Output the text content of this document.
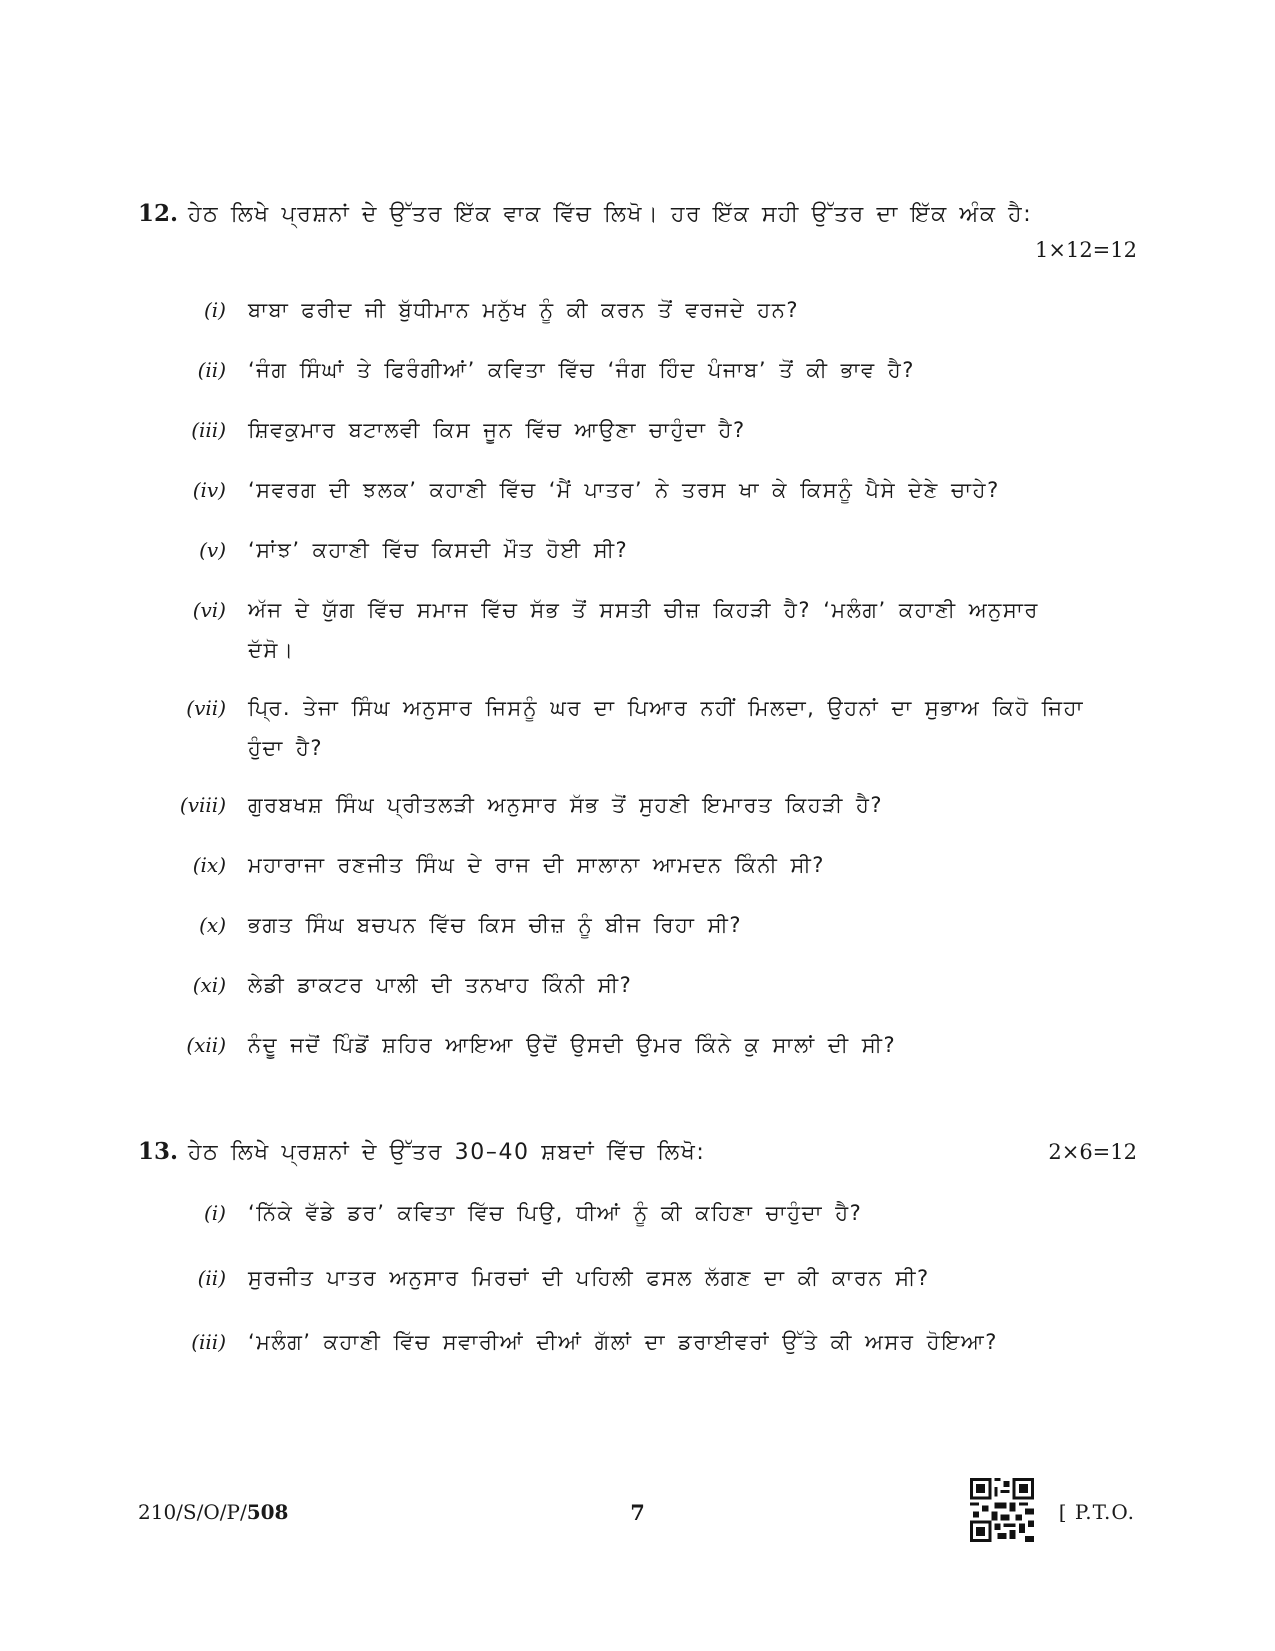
12. ਹੇਠ ਲਿਖੇ ਪ੍ਰਸ਼ਨਾਂ ਦੇ ਉੱਤਰ ਇੱਕ ਵਾਕ ਵਿੱਚ ਲਿਖੋ। ਹਰ ਇੱਕ ਸਹੀ ਉੱਤਰ ਦਾ ਇੱਕ ਅੰਕ ਹੈ:
1×12=12
(i)	ਬਾਬਾ ਫਰੀਦ ਜੀ ਬੁੱਧੀਮਾਨ ਮਨੁੱਖ ਨੂੰ ਕੀ ਕਰਨ ਤੋਂ ਵਰਜਦੇ ਹਨ?
(ii)	‘ਜੰਗ ਸਿੰਘਾਂ ਤੇ ਫਿਰੰਗੀਆਂ’ ਕਵਿਤਾ ਵਿੱਚ ‘ਜੰਗ ਹਿੰਦ ਪੰਜਾਬ’ ਤੋਂ ਕੀ ਭਾਵ ਹੈ?
(iii)	ਸ਼ਿਵਕੁਮਾਰ ਬਟਾਲਵੀ ਕਿਸ ਜੂਨ ਵਿੱਚ ਆਉਣਾ ਚਾਹੁੰਦਾ ਹੈ?
(iv)	‘ਸਵਰਗ ਦੀ ਝਲਕ’ ਕਹਾਣੀ ਵਿੱਚ ‘ਮੈਂ ਪਾਤਰ’ ਨੇ ਤਰਸ ਖਾ ਕੇ ਕਿਸਨੂੰ ਪੈਸੇ ਦੇਣੇ ਚਾਹੇ?
(v)	‘ਸਾਂਝ’ ਕਹਾਣੀ ਵਿੱਚ ਕਿਸਦੀ ਮੌਤ ਹੋਈ ਸੀ?
(vi)	ਅੱਜ ਦੇ ਯੁੱਗ ਵਿੱਚ ਸਮਾਜ ਵਿੱਚ ਸੱਭ ਤੋਂ ਸਸਤੀ ਚੀਜ਼ ਕਿਹੜੀ ਹੈ? ‘ਮਲੰਗ’ ਕਹਾਣੀ ਅਨੁਸਾਰ ਦੱਸੋ।
(vii)	ਪ੍ਰਿ. ਤੇਜਾ ਸਿੰਘ ਅਨੁਸਾਰ ਜਿਸਨੂੰ ਘਰ ਦਾ ਪਿਆਰ ਨਹੀਂ ਮਿਲਦਾ, ਉਹਨਾਂ ਦਾ ਸੁਭਾਅ ਕਿਹੋ ਜਿਹਾ ਹੁੰਦਾ ਹੈ?
(viii)	ਗੁਰਬਖਸ਼ ਸਿੰਘ ਪ੍ਰੀਤਲੜੀ ਅਨੁਸਾਰ ਸੱਭ ਤੋਂ ਸੁਹਣੀ ਇਮਾਰਤ ਕਿਹੜੀ ਹੈ?
(ix)	ਮਹਾਰਾਜਾ ਰਣਜੀਤ ਸਿੰਘ ਦੇ ਰਾਜ ਦੀ ਸਾਲਾਨਾ ਆਮਦਨ ਕਿੰਨੀ ਸੀ?
(x)	ਭਗਤ ਸਿੰਘ ਬਚਪਨ ਵਿੱਚ ਕਿਸ ਚੀਜ਼ ਨੂੰ ਬੀਜ ਰਿਹਾ ਸੀ?
(xi)	ਲੇਡੀ ਡਾਕਟਰ ਪਾਲੀ ਦੀ ਤਨਖਾਹ ਕਿੰਨੀ ਸੀ?
(xii)	ਨੰਦੂ ਜਦੋਂ ਪਿੰਡੋਂ ਸ਼ਹਿਰ ਆਇਆ ਉਦੋਂ ਉਸਦੀ ਉਮਰ ਕਿੰਨੇ ਕੁ ਸਾਲਾਂ ਦੀ ਸੀ?
13. ਹੇਠ ਲਿਖੇ ਪ੍ਰਸ਼ਨਾਂ ਦੇ ਉੱਤਰ 30–40 ਸ਼ਬਦਾਂ ਵਿੱਚ ਲਿਖੋ:	2×6=12
(i)	‘ਨਿੱਕੇ ਵੱਡੇ ਡਰ’ ਕਵਿਤਾ ਵਿੱਚ ਪਿਉ, ਧੀਆਂ ਨੂੰ ਕੀ ਕਹਿਣਾ ਚਾਹੁੰਦਾ ਹੈ?
(ii)	ਸੁਰਜੀਤ ਪਾਤਰ ਅਨੁਸਾਰ ਮਿਰਚਾਂ ਦੀ ਪਹਿਲੀ ਫਸਲ ਲੱਗਣ ਦਾ ਕੀ ਕਾਰਨ ਸੀ?
(iii)	‘ਮਲੰਗ’ ਕਹਾਣੀ ਵਿੱਚ ਸਵਾਰੀਆਂ ਦੀਆਂ ਗੱਲਾਂ ਦਾ ਡਰਾਈਵਰਾਂ ਉੱਤੇ ਕੀ ਅਸਰ ਹੋਇਆ?
210/S/O/P/508	7	[ P.T.O.
